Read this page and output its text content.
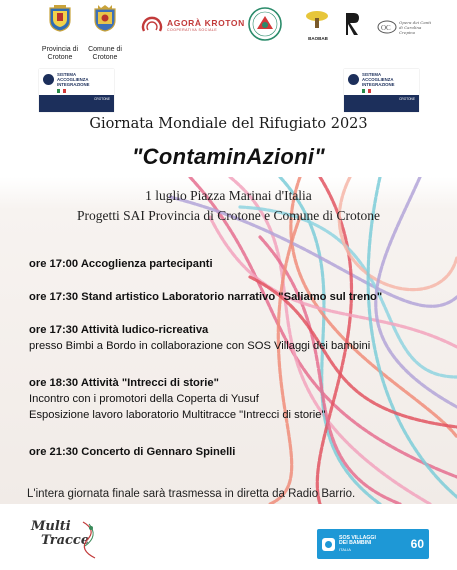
Provincia di Crotone
Comune di Crotone
AGORÀ KROTON
COOPERATIVA SOCIALE
BAOBAB
OC
Opera dei Canti di Carolina Crepino
SISTEMA
ACCOGLIENZA
INTEGRAZIONE
CROTONE
SISTEMA
ACCOGLIENZA
INTEGRAZIONE
CROTONE
Giornata Mondiale del Rifugiato 2023
"ContaminAzioni"
1 luglio Piazza Marinai d'Italia
Progetti SAI Provincia di Crotone e Comune di Crotone
ore 17:00 Accoglienza partecipanti
ore 17:30 Stand artistico Laboratorio narrativo "Saliamo sul treno"
ore 17:30 Attività ludico-ricreativa
presso Bimbi a Bordo in collaborazione con SOS Villaggi dei bambini
ore 18:30 Attività "Intrecci di storie"
Incontro con i promotori della Coperta di Yusuf
Esposizione lavoro laboratorio Multitracce "Intrecci di storie"
ore 21:30 Concerto di Gennaro Spinelli
L'intera giornata finale sarà trasmessa in diretta da Radio Barrio.
Multi
Tracce	SOS VILLAGGI
DEI BAMBINI
ITALIA	60
